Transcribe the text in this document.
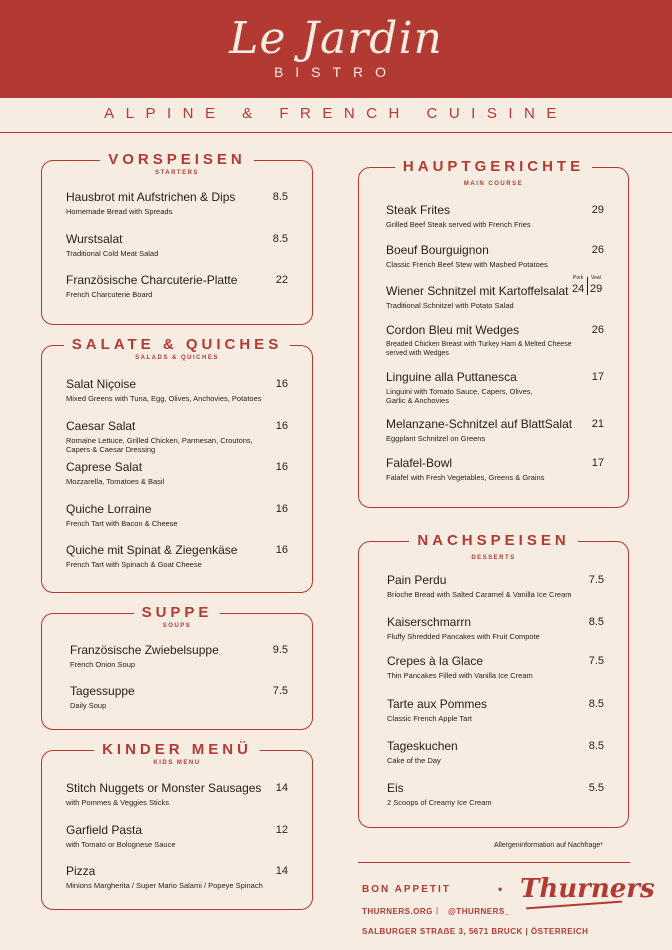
Le Jardin
BISTRO
ALPINE & FRENCH CUISINE
VORSPEISEN
STARTERS
Hausbrot mit Aufstrichen & Dips
Homemade Bread with Spreads
8.5
Wurstsalat
Traditional Cold Meat Salad
8.5
Französische Charcuterie-Platte
French Charcuterie Board
22
SALATE & QUICHES
SALADS & QUICHES
Salat Niçoise
Mixed Greens with Tuna, Egg, Olives, Anchovies, Potatoes
16
Caesar Salat
Romaine Lettuce, Grilled Chicken, Parmesan, Croutons,
Capers & Caesar Dressing
16
Caprese Salat
Mozzarella, Tomatoes & Basil
16
Quiche Lorraine
French Tart with Bacon & Cheese
16
Quiche mit Spinat & Ziegenkäse
French Tart with Spinach & Goat Cheese
16
SUPPE
SOUPS
Französische Zwiebelsuppe
French Onion Soup
9.5
Tagessuppe
Daily Soup
7.5
KINDER MENÜ
KIDS MENU
Stitch Nuggets or Monster Sausages
with Pommes & Veggies Sticks
14
Garfield Pasta
with Tomato or Bolognese Sauce
12
Pizza
Minions Margherita / Super Mario Salami / Popeye Spinach
14
HAUPTGERICHTE
MAIN COURSE
Steak Frites
Grilled Beef Steak served with French Fries
29
Boeuf Bourguignon
Classic French Beef Stew with Mashed Potatoes
26
Wiener Schnitzel mit Kartoffelsalat
Traditional Schnitzel with Potato Salad
Pork
24
Veal
29
Cordon Bleu mit Wedges
Breaded Chicken Breast with Turkey Ham & Melted Cheese
served with Wedges
26
Linguine alla Puttanesca
Linguini with Tomato Sauce, Capers, Olives,
Garlic & Anchovies
17
Melanzane-Schnitzel auf BlattSalat
Eggplant Schnitzel on Greens
21
Falafel-Bowl
Falafel with Fresh Vegetables, Greens & Grains
17
NACHSPEISEN
DESSERTS
Pain Perdu
Brioche Bread with Salted Caramel & Vanilla Ice Cream
7.5
Kaiserschmarrn
Fluffy Shredded Pancakes with Fruit Compote
8.5
Crepes à la Glace
Thin Pancakes Filled with Vanilla Ice Cream
7.5
Tarte aux Pommes
Classic French Apple Tart
8.5
Tageskuchen
Cake of the Day
8.5
Eis
2 Scoops of Creamy Ice Cream
5.5
Allergeninformation auf Nachfrage*
BON APPETIT	• Thurners
THURNERS.ORG | @THURNERS_
SALBURGER STRAẞE 3, 5671 BRUCK | ÖSTERREICH
